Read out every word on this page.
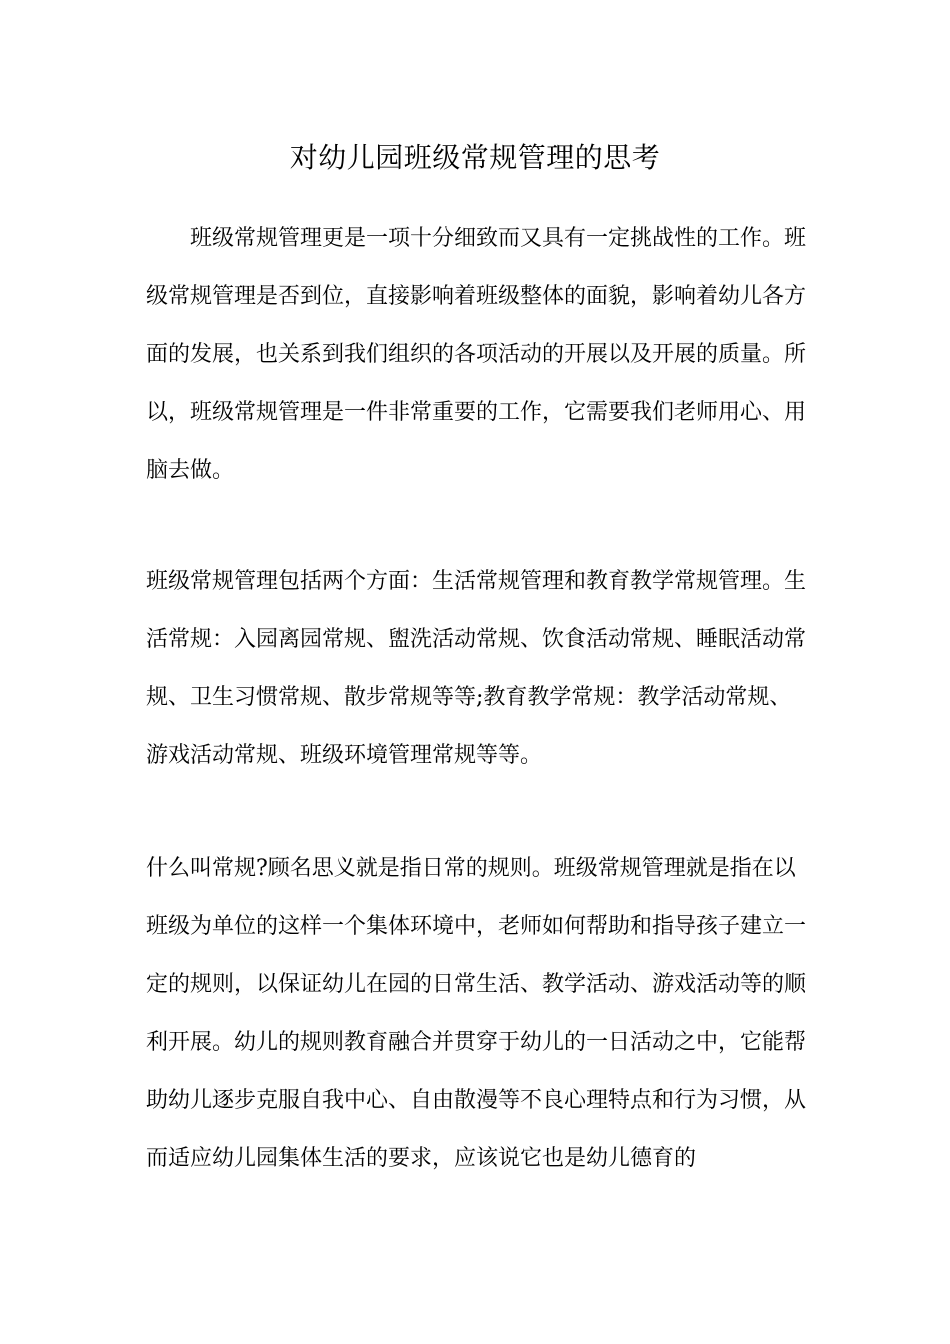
对幼儿园班级常规管理的思考

班级常规管理更是一项十分细致而又具有一定挑战性的工作。班级常规管理是否到位，直接影响着班级整体的面貌，影响着幼儿各方面的发展，也关系到我们组织的各项活动的开展以及开展的质量。所以，班级常规管理是一件非常重要的工作，它需要我们老师用心、用脑去做。

班级常规管理包括两个方面：生活常规管理和教育教学常规管理。生活常规：入园离园常规、盥洗活动常规、饮食活动常规、睡眠活动常规、卫生习惯常规、散步常规等等;教育教学常规：教学活动常规、游戏活动常规、班级环境管理常规等等。

什么叫常规?顾名思义就是指日常的规则。班级常规管理就是指在以班级为单位的这样一个集体环境中，老师如何帮助和指导孩子建立一定的规则，以保证幼儿在园的日常生活、教学活动、游戏活动等的顺利开展。幼儿的规则教育融合并贯穿于幼儿的一日活动之中，它能帮助幼儿逐步克服自我中心、自由散漫等不良心理特点和行为习惯，从而适应幼儿园集体生活的要求，应该说它也是幼儿德育的
